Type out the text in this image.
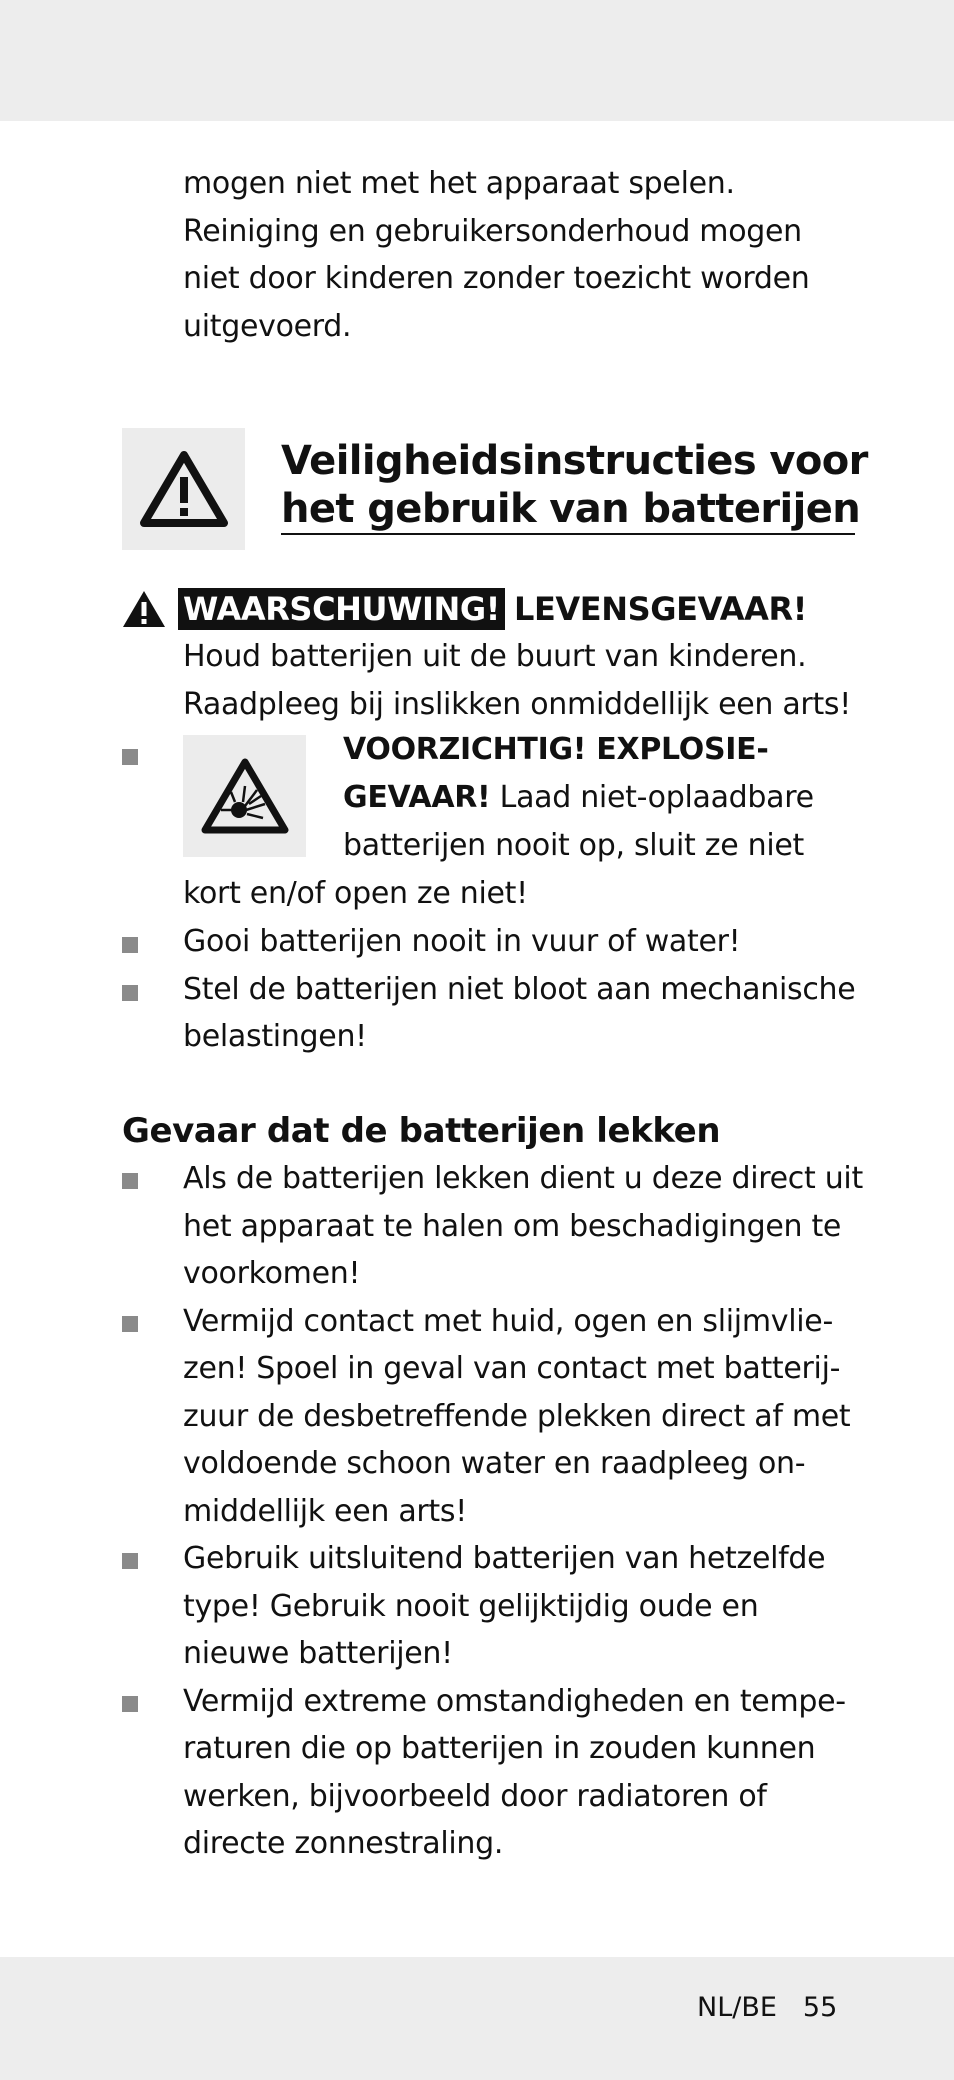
mogen niet met het apparaat spelen.
Reiniging en gebruikersonderhoud mogen
niet door kinderen zonder toezicht worden
uitgevoerd.
Veiligheidsinstructies voor
het gebruik van batterijen
WAARSCHUWING! LEVENSGEVAAR!
Houd batterijen uit de buurt van kinderen.
Raadpleeg bij inslikken onmiddellijk een arts!
VOORZICHTIG! EXPLOSIE-
GEVAAR! Laad niet-oplaadbare
batterijen nooit op, sluit ze niet
kort en/of open ze niet!
Gooi batterijen nooit in vuur of water!
Stel de batterijen niet bloot aan mechanische
belastingen!
Gevaar dat de batterijen lekken
Als de batterijen lekken dient u deze direct uit
het apparaat te halen om beschadigingen te
voorkomen!
Vermijd contact met huid, ogen en slijmvlie-
zen! Spoel in geval van contact met batterij-
zuur de desbetreffende plekken direct af met
voldoende schoon water en raadpleeg on-
middellijk een arts!
Gebruik uitsluitend batterijen van hetzelfde
type! Gebruik nooit gelijktijdig oude en
nieuwe batterijen!
Vermijd extreme omstandigheden en tempe-
raturen die op batterijen in zouden kunnen
werken, bijvoorbeeld door radiatoren of
directe zonnestraling.
NL/BE 55
